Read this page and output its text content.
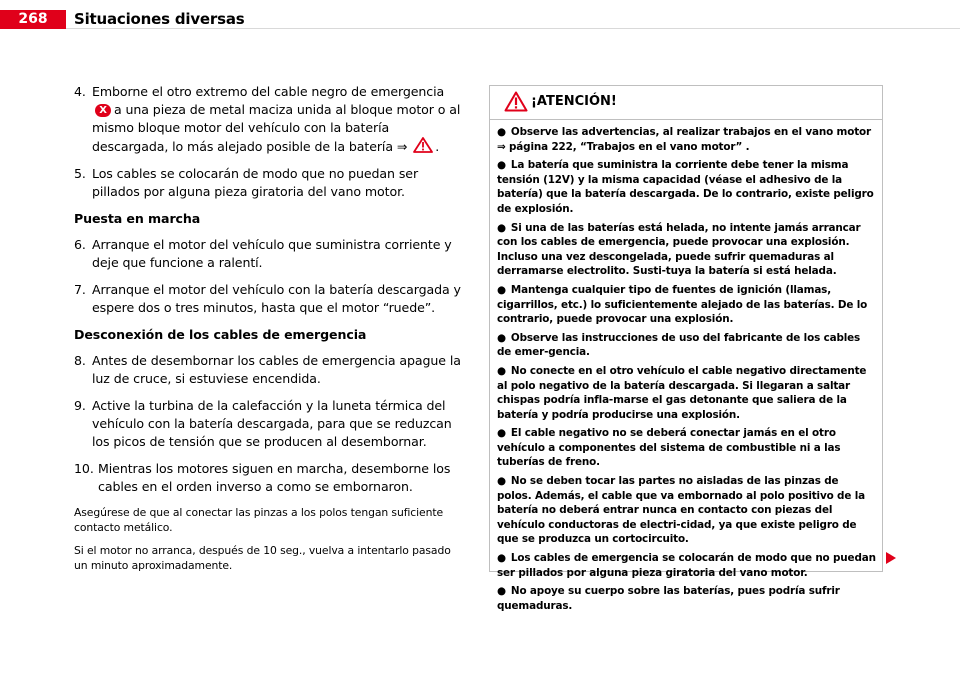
268	Situaciones diversas
4. Emborne el otro extremo del cable negro de emergenciaX a una pieza de metal maciza unida al bloque motor o al mismo bloque motor del vehículo con la batería descargada, lo más alejado posible de la batería ⇒ .
5. Los cables se colocarán de modo que no puedan ser pillados por alguna pieza giratoria del vano motor.
Puesta en marcha
6. Arranque el motor del vehículo que suministra corriente y deje que funcione a ralentí.
7. Arranque el motor del vehículo con la batería descargada y espere dos o tres minutos, hasta que el motor “ruede”.
Desconexión de los cables de emergencia
8. Antes de desembornar los cables de emergencia apague la luz de cruce, si estuviese encendida.
9. Active la turbina de la calefacción y la luneta térmica del vehículo con la batería descargada, para que se reduzcan los picos de tensión que se producen al desembornar.
10. Mientras los motores siguen en marcha, desemborne los cables en el orden inverso a como se embornaron.
Asegúrese de que al conectar las pinzas a los polos tengan suficiente contacto metálico.
Si el motor no arranca, después de 10 seg., vuelva a intentarlo pasado un minuto aproximadamente.
¡ATENCIÓN!
● Observe las advertencias, al realizar trabajos en el vano motor ⇒ página 222, “Trabajos en el vano motor” .
● La batería que suministra la corriente debe tener la misma tensión (12V) y la misma capacidad (véase el adhesivo de la batería) que la batería descargada. De lo contrario, existe peligro de explosión.
● Si una de las baterías está helada, no intente jamás arrancar con los cables de emergencia, puede provocar una explosión. Incluso una vez descongelada, puede sufrir quemaduras al derramarse electrolito. Susti-tuya la batería si está helada.
● Mantenga cualquier tipo de fuentes de ignición (llamas, cigarrillos, etc.) lo suficientemente alejado de las baterías. De lo contrario, puede provocar una explosión.
● Observe las instrucciones de uso del fabricante de los cables de emer-gencia.
● No conecte en el otro vehículo el cable negativo directamente al polo negativo de la batería descargada. Si llegaran a saltar chispas podría infla-marse el gas detonante que saliera de la batería y podría producirse una explosión.
● El cable negativo no se deberá conectar jamás en el otro vehículo a componentes del sistema de combustible ni a las tuberías de freno.
● No se deben tocar las partes no aisladas de las pinzas de polos. Además, el cable que va embornado al polo positivo de la batería no deberá entrar nunca en contacto con piezas del vehículo conductoras de electri-cidad, ya que existe peligro de que se produzca un cortocircuito.
● Los cables de emergencia se colocarán de modo que no puedan ser pillados por alguna pieza giratoria del vano motor.
● No apoye su cuerpo sobre las baterías, pues podría sufrir quemaduras.
